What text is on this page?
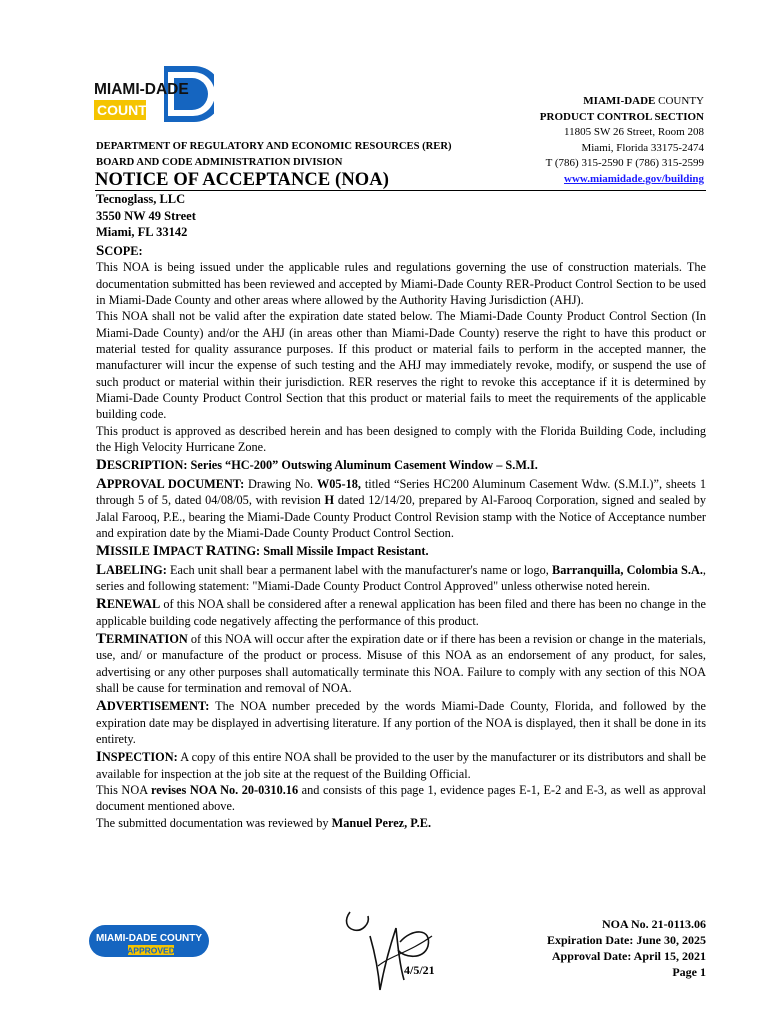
MIAMI-DADE
COUNTY
MIAMI-DADE COUNTY
PRODUCT CONTROL SECTION
11805 SW 26 Street, Room 208
Miami, Florida 33175-2474
T (786) 315-2590 F (786) 315-2599
www.miamidade.gov/building
DEPARTMENT OF REGULATORY AND ECONOMIC RESOURCES (RER)
BOARD AND CODE ADMINISTRATION DIVISION
NOTICE OF ACCEPTANCE (NOA)
Tecnoglass, LLC
3550 NW 49 Street
Miami, FL 33142

SCOPE:

This NOA is being issued under the applicable rules and regulations governing the use of construction materials. The documentation submitted has been reviewed and accepted by Miami-Dade County RER-Product Control Section to be used in Miami-Dade County and other areas where allowed by the Authority Having Jurisdiction (AHJ).

This NOA shall not be valid after the expiration date stated below. The Miami-Dade County Product Control Section (In Miami-Dade County) and/or the AHJ (in areas other than Miami-Dade County) reserve the right to have this product or material tested for quality assurance purposes. If this product or material fails to perform in the accepted manner, the manufacturer will incur the expense of such testing and the AHJ may immediately revoke, modify, or suspend the use of such product or material within their jurisdiction. RER reserves the right to revoke this acceptance if it is determined by Miami-Dade County Product Control Section that this product or material fails to meet the requirements of the applicable building code.

This product is approved as described herein and has been designed to comply with the Florida Building Code, including the High Velocity Hurricane Zone.

DESCRIPTION: Series “HC-200” Outswing Aluminum Casement Window – S.M.I.

APPROVAL DOCUMENT: Drawing No. W05-18, titled “Series HC200 Aluminum Casement Wdw. (S.M.I.)”, sheets 1 through 5 of 5, dated 04/08/05, with revision H dated 12/14/20, prepared by Al-Farooq Corporation, signed and sealed by Jalal Farooq, P.E., bearing the Miami-Dade County Product Control Revision stamp with the Notice of Acceptance number and expiration date by the Miami-Dade County Product Control Section.

MISSILE IMPACT RATING: Small Missile Impact Resistant.

LABELING: Each unit shall bear a permanent label with the manufacturer's name or logo, Barranquilla, Colombia S.A., series and following statement: "Miami-Dade County Product Control Approved" unless otherwise noted herein.

RENEWAL of this NOA shall be considered after a renewal application has been filed and there has been no change in the applicable building code negatively affecting the performance of this product.

TERMINATION of this NOA will occur after the expiration date or if there has been a revision or change in the materials, use, and/ or manufacture of the product or process. Misuse of this NOA as an endorsement of any product, for sales, advertising or any other purposes shall automatically terminate this NOA. Failure to comply with any section of this NOA shall be cause for termination and removal of NOA.

ADVERTISEMENT: The NOA number preceded by the words Miami-Dade County, Florida, and followed by the expiration date may be displayed in advertising literature. If any portion of the NOA is displayed, then it shall be done in its entirety.

INSPECTION: A copy of this entire NOA shall be provided to the user by the manufacturer or its distributors and shall be available for inspection at the job site at the request of the Building Official.

This NOA revises NOA No. 20-0310.16 and consists of this page 1, evidence pages E-1, E-2 and E-3, as well as approval document mentioned above.

The submitted documentation was reviewed by Manuel Perez, P.E.

MIAMI-DADE COUNTY
APPROVED
4/5/21
NOA No. 21-0113.06
Expiration Date: June 30, 2025
Approval Date: April 15, 2021
Page 1
